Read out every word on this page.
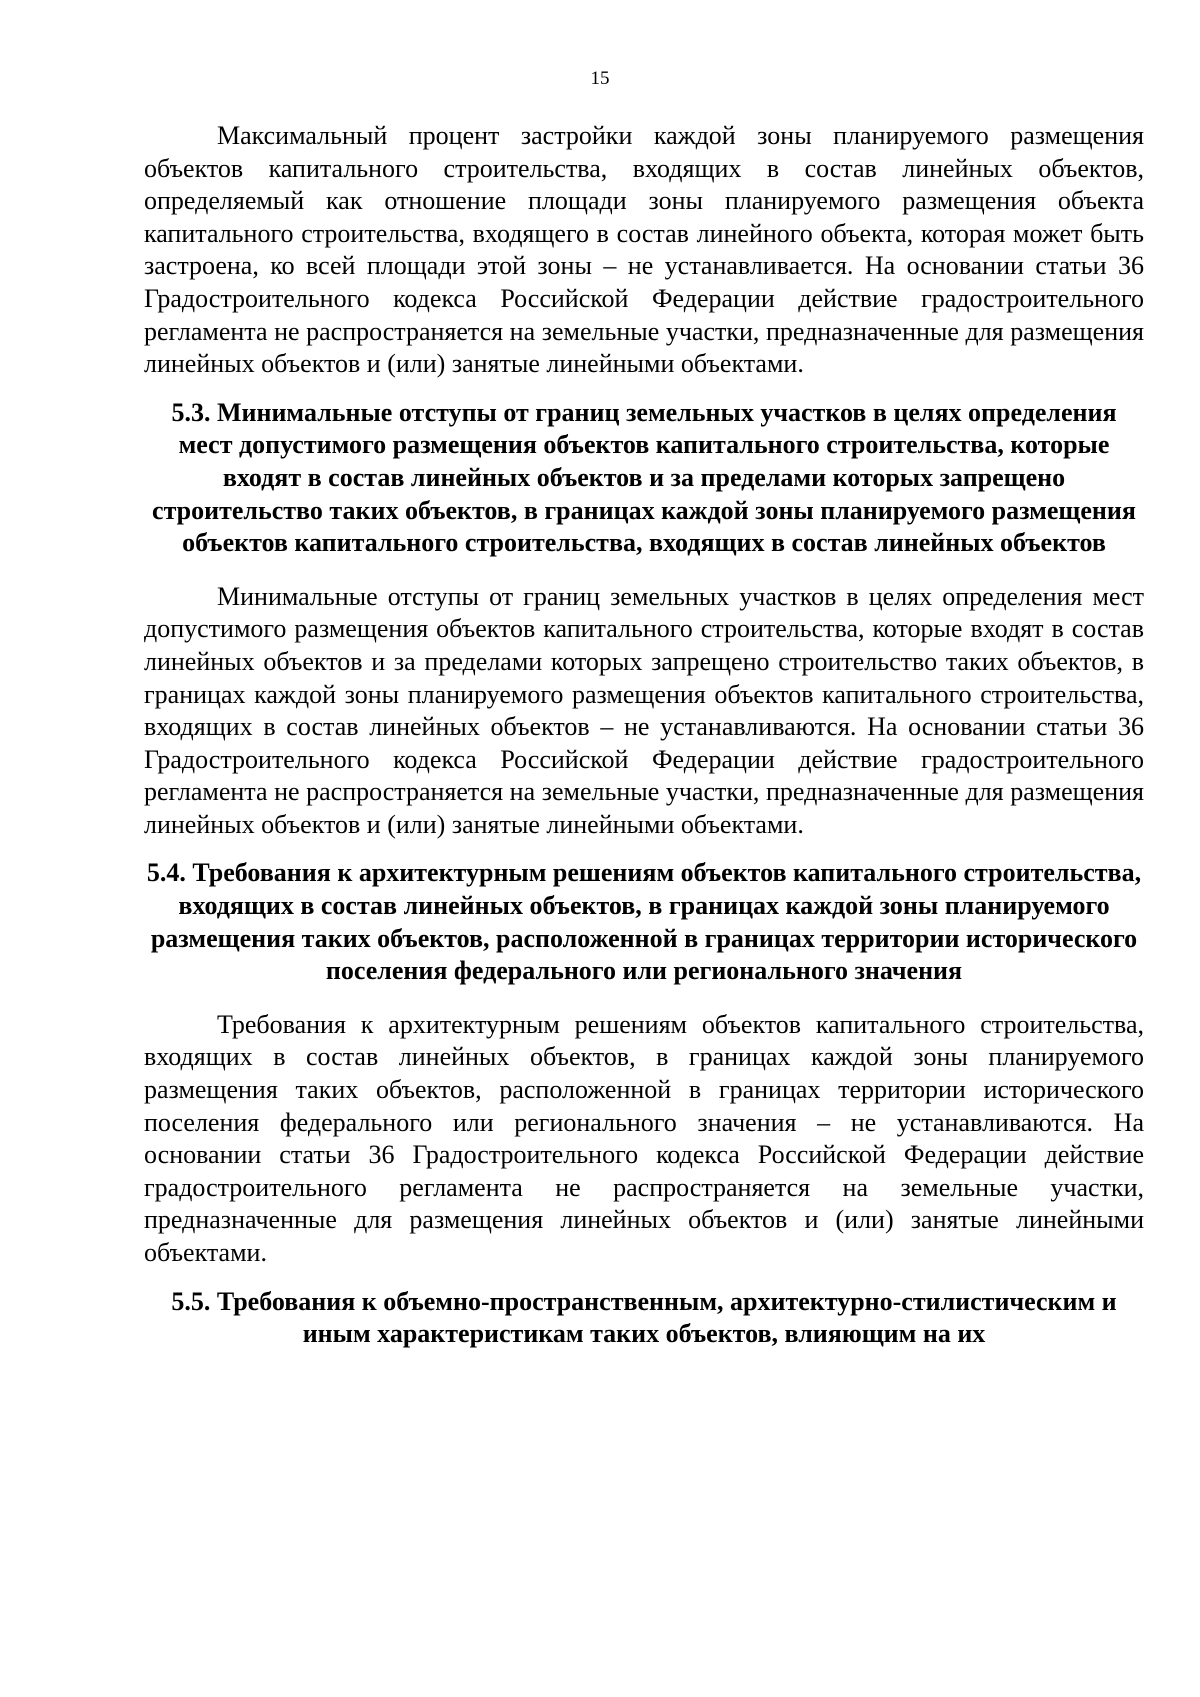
15

Максимальный процент застройки каждой зоны планируемого размещения объектов капитального строительства, входящих в состав линейных объектов, определяемый как отношение площади зоны планируемого размещения объекта капитального строительства, входящего в состав линейного объекта, которая может быть застроена, ко всей площади этой зоны – не устанавливается. На основании статьи 36 Градостроительного кодекса Российской Федерации действие градостроительного регламента не распространяется на земельные участки, предназначенные для размещения линейных объектов и (или) занятые линейными объектами.

5.3. Минимальные отступы от границ земельных участков в целях определения мест допустимого размещения объектов капитального строительства, которые входят в состав линейных объектов и за пределами которых запрещено строительство таких объектов, в границах каждой зоны планируемого размещения объектов капитального строительства, входящих в состав линейных объектов

Минимальные отступы от границ земельных участков в целях определения мест допустимого размещения объектов капитального строительства, которые входят в состав линейных объектов и за пределами которых запрещено строительство таких объектов, в границах каждой зоны планируемого размещения объектов капитального строительства, входящих в состав линейных объектов – не устанавливаются. На основании статьи 36 Градостроительного кодекса Российской Федерации действие градостроительного регламента не распространяется на земельные участки, предназначенные для размещения линейных объектов и (или) занятые линейными объектами.

5.4. Требования к архитектурным решениям объектов капитального строительства, входящих в состав линейных объектов, в границах каждой зоны планируемого размещения таких объектов, расположенной в границах территории исторического поселения федерального или регионального значения

Требования к архитектурным решениям объектов капитального строительства, входящих в состав линейных объектов, в границах каждой зоны планируемого размещения таких объектов, расположенной в границах территории исторического поселения федерального или регионального значения – не устанавливаются. На основании статьи 36 Градостроительного кодекса Российской Федерации действие градостроительного регламента не распространяется на земельные участки, предназначенные для размещения линейных объектов и (или) занятые линейными объектами.

5.5. Требования к объемно-пространственным, архитектурно-стилистическим и иным характеристикам таких объектов, влияющим на их
